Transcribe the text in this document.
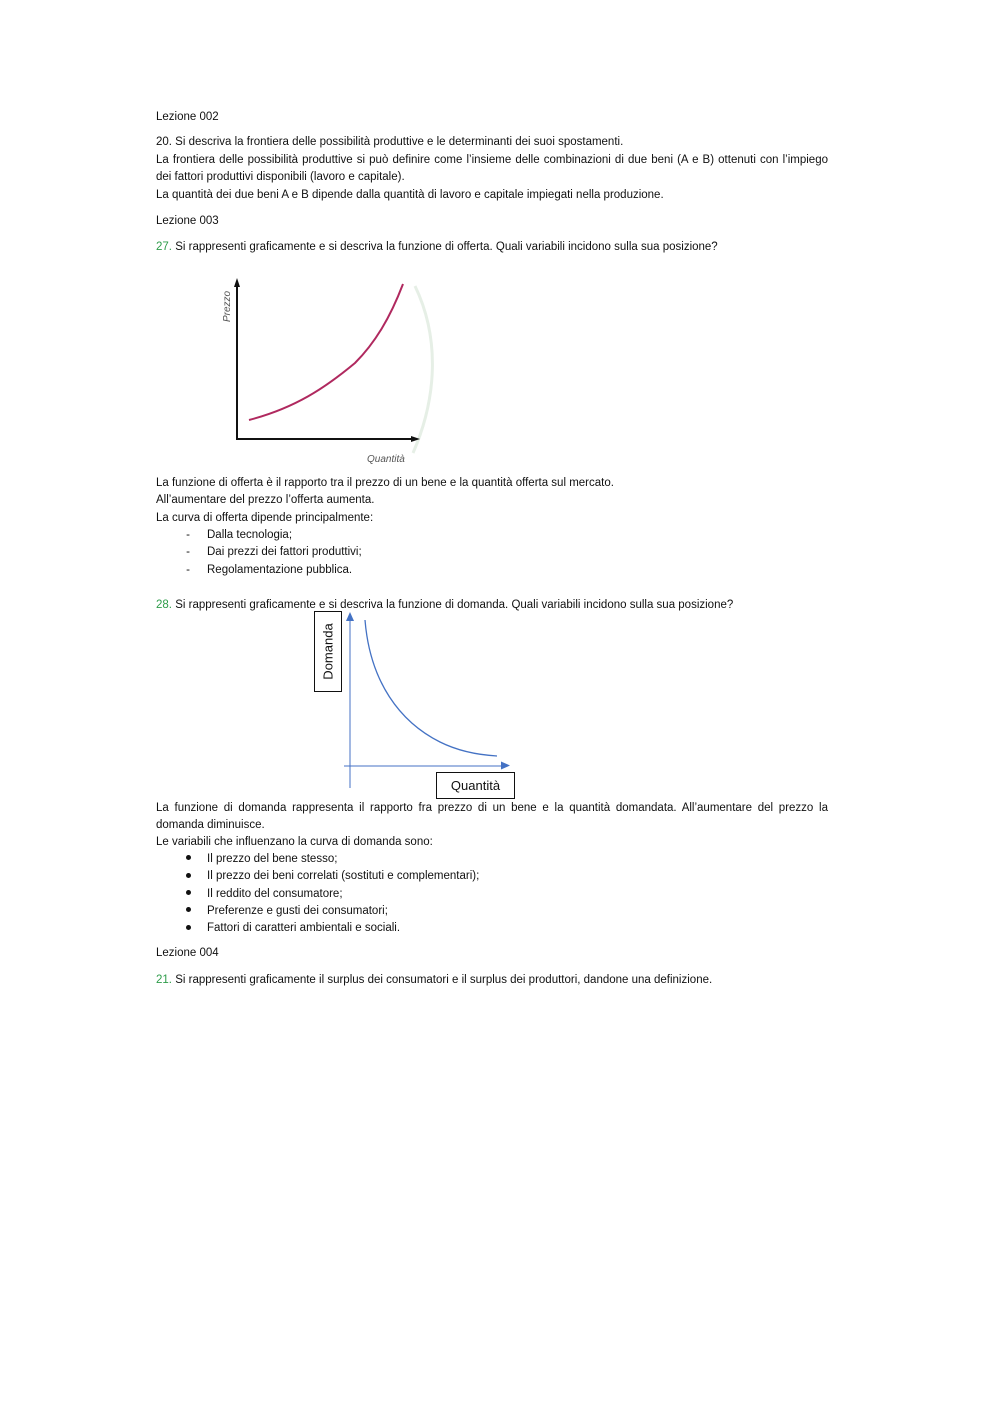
Lezione 002
20. Si descriva la frontiera delle possibilità produttive e le determinanti dei suoi spostamenti.
La frontiera delle possibilità produttive si può definire come l’insieme delle combinazioni di due beni (A e B) ottenuti con l’impiego dei fattori produttivi disponibili (lavoro e capitale).
La quantità dei due beni A e B dipende dalla quantità di lavoro e capitale impiegati nella produzione.
Lezione 003
27. Si rappresenti graficamente e si descriva la funzione di offerta. Quali variabili incidono sulla sua posizione?
Prezzo
Quantità
La funzione di offerta è il rapporto tra il prezzo di un bene e la quantità offerta sul mercato.
All’aumentare del prezzo l’offerta aumenta.
La curva di offerta dipende principalmente:
-	Dalla tecnologia;
-	Dai prezzi dei fattori produttivi;
-	Regolamentazione pubblica.
28. Si rappresenti graficamente e si descriva la funzione di domanda. Quali variabili incidono sulla sua posizione?
Domanda
Quantità
La funzione di domanda rappresenta il rapporto fra prezzo di un bene e la quantità domandata. All’aumentare del prezzo la domanda diminuisce.
Le variabili che influenzano la curva di domanda sono:
Il prezzo del bene stesso;
Il prezzo dei beni correlati (sostituti e complementari);
Il reddito del consumatore;
Preferenze e gusti dei consumatori;
Fattori di caratteri ambientali e sociali.
Lezione 004
21. Si rappresenti graficamente il surplus dei consumatori e il surplus dei produttori, dandone una definizione.
